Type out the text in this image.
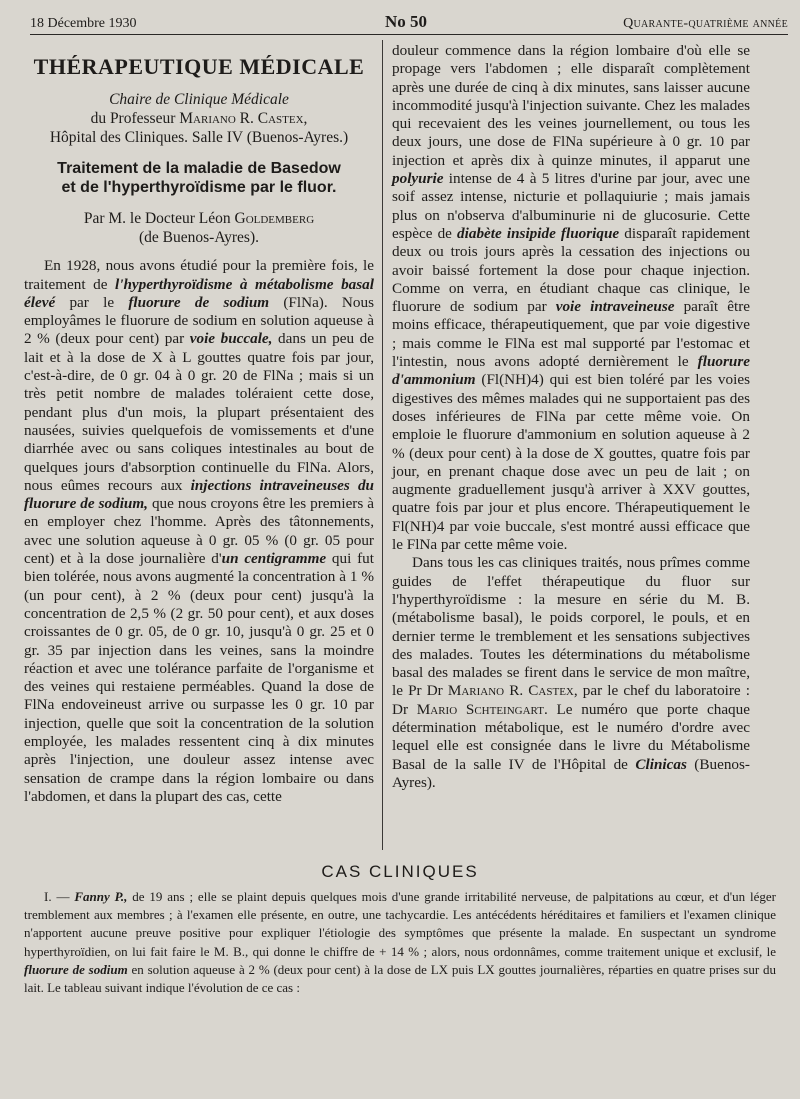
18 Décembre 1930	No 50	Quarante-quatrième année
THÉRAPEUTIQUE MÉDICALE
Chaire de Clinique Médicale
du Professeur Mariano R. Castex,
Hôpital des Cliniques. Salle IV (Buenos-Ayres.)
Traitement de la maladie de Basedow
et de l'hyperthyroïdisme par le fluor.
Par M. le Docteur Léon Goldemberg
(de Buenos-Ayres).

En 1928, nous avons étudié pour la première fois, le traitement de l'hyperthyroïdisme à métabolisme basal élevé par le fluorure de sodium (FlNa). Nous employâmes le fluorure de sodium en solution aqueuse à 2 % (deux pour cent) par voie buccale, dans un peu de lait et à la dose de X à L gouttes quatre fois par jour, c'est-à-dire, de 0 gr. 04 à 0 gr. 20 de FlNa ; mais si un très petit nombre de malades toléraient cette dose, pendant plus d'un mois, la plupart présentaient des nausées, suivies quelquefois de vomissements et d'une diarrhée avec ou sans coliques intestinales au bout de quelques jours d'absorption continuelle du FlNa. Alors, nous eûmes recours aux injections intraveineuses du fluorure de sodium, que nous croyons être les premiers à en employer chez l'homme. Après des tâtonnements, avec une solution aqueuse à 0 gr. 05 % (0 gr. 05 pour cent) et à la dose journalière d'un centigramme qui fut bien tolérée, nous avons augmenté la concentration à 1 % (un pour cent), à 2 % (deux pour cent) jusqu'à la concentration de 2,5 % (2 gr. 50 pour cent), et aux doses croissantes de 0 gr. 05, de 0 gr. 10, jusqu'à 0 gr. 25 et 0 gr. 35 par injection dans les veines, sans la moindre réaction et avec une tolérance parfaite de l'organisme et des veines qui restaiene perméables. Quand la dose de FlNa endoveineust arrive ou surpasse les 0 gr. 10 par injection, quelle que soit la concentration de la solution employée, les malades ressentent cinq à dix minutes après l'injection, une douleur assez intense avec sensation de crampe dans la région lombaire ou dans l'abdomen, et dans la plupart des cas, cette

douleur commence dans la région lombaire d'où elle se propage vers l'abdomen ; elle disparaît complètement après une durée de cinq à dix minutes, sans laisser aucune incommodité jusqu'à l'injection suivante. Chez les malades qui recevaient des les veines journellement, ou tous les deux jours, une dose de FlNa supérieure à 0 gr. 10 par injection et après dix à quinze minutes, il apparut une polyurie intense de 4 à 5 litres d'urine par jour, avec une soif assez intense, nicturie et pollaquiurie ; mais jamais plus on n'observa d'albuminurie ni de glucosurie. Cette espèce de diabète insipide fluorique disparaît rapidement deux ou trois jours après la cessation des injections ou avoir baissé fortement la dose pour chaque injection. Comme on verra, en étudiant chaque cas clinique, le fluorure de sodium par voie intraveineuse paraît être moins efficace, thérapeutiquement, que par voie digestive ; mais comme le FlNa est mal supporté par l'estomac et l'intestin, nous avons adopté dernièrement le fluorure d'ammonium (Fl(NH)4) qui est bien toléré par les voies digestives des mêmes malades qui ne supportaient pas des doses inférieures de FlNa par cette même voie. On emploie le fluorure d'ammonium en solution aqueuse à 2 % (deux pour cent) à la dose de X gouttes, quatre fois par jour, en prenant chaque dose avec un peu de lait ; on augmente graduellement jusqu'à arriver à XXV gouttes, quatre fois par jour et plus encore. Thérapeutiquement le Fl(NH)4 par voie buccale, s'est montré aussi efficace que le FlNa par cette même voie.

Dans tous les cas cliniques traités, nous prîmes comme guides de l'effet thérapeutique du fluor sur l'hyperthyroïdisme : la mesure en série du M. B. (métabolisme basal), le poids corporel, le pouls, et en dernier terme le tremblement et les sensations subjectives des malades. Toutes les déterminations du métabolisme basal des malades se firent dans le service de mon maître, le Pr Dr Mariano R. Castex, par le chef du laboratoire : Dr Mario Schteingart. Le numéro que porte chaque détermination métabolique, est le numéro d'ordre avec lequel elle est consignée dans le livre du Métabolisme Basal de la salle IV de l'Hôpital de Clinicas (Buenos-Ayres).

CAS CLINIQUES

I. — Fanny P., de 19 ans ; elle se plaint depuis quelques mois d'une grande irritabilité nerveuse, de palpitations au cœur, et d'un léger tremblement aux membres ; à l'examen elle présente, en outre, une tachycardie. Les antécédents héréditaires et familiers et l'examen clinique n'apportent aucune preuve positive pour expliquer l'étiologie des symptômes que présente la malade. En suspectant un syndrome hyperthyroïdien, on lui fait faire le M. B., qui donne le chiffre de + 14 % ; alors, nous ordonnâmes, comme traitement unique et exclusif, le fluorure de sodium en solution aqueuse à 2 % (deux pour cent) à la dose de LX puis LX gouttes journalières, réparties en quatre prises sur du lait. Le tableau suivant indique l'évolution de ce cas :
